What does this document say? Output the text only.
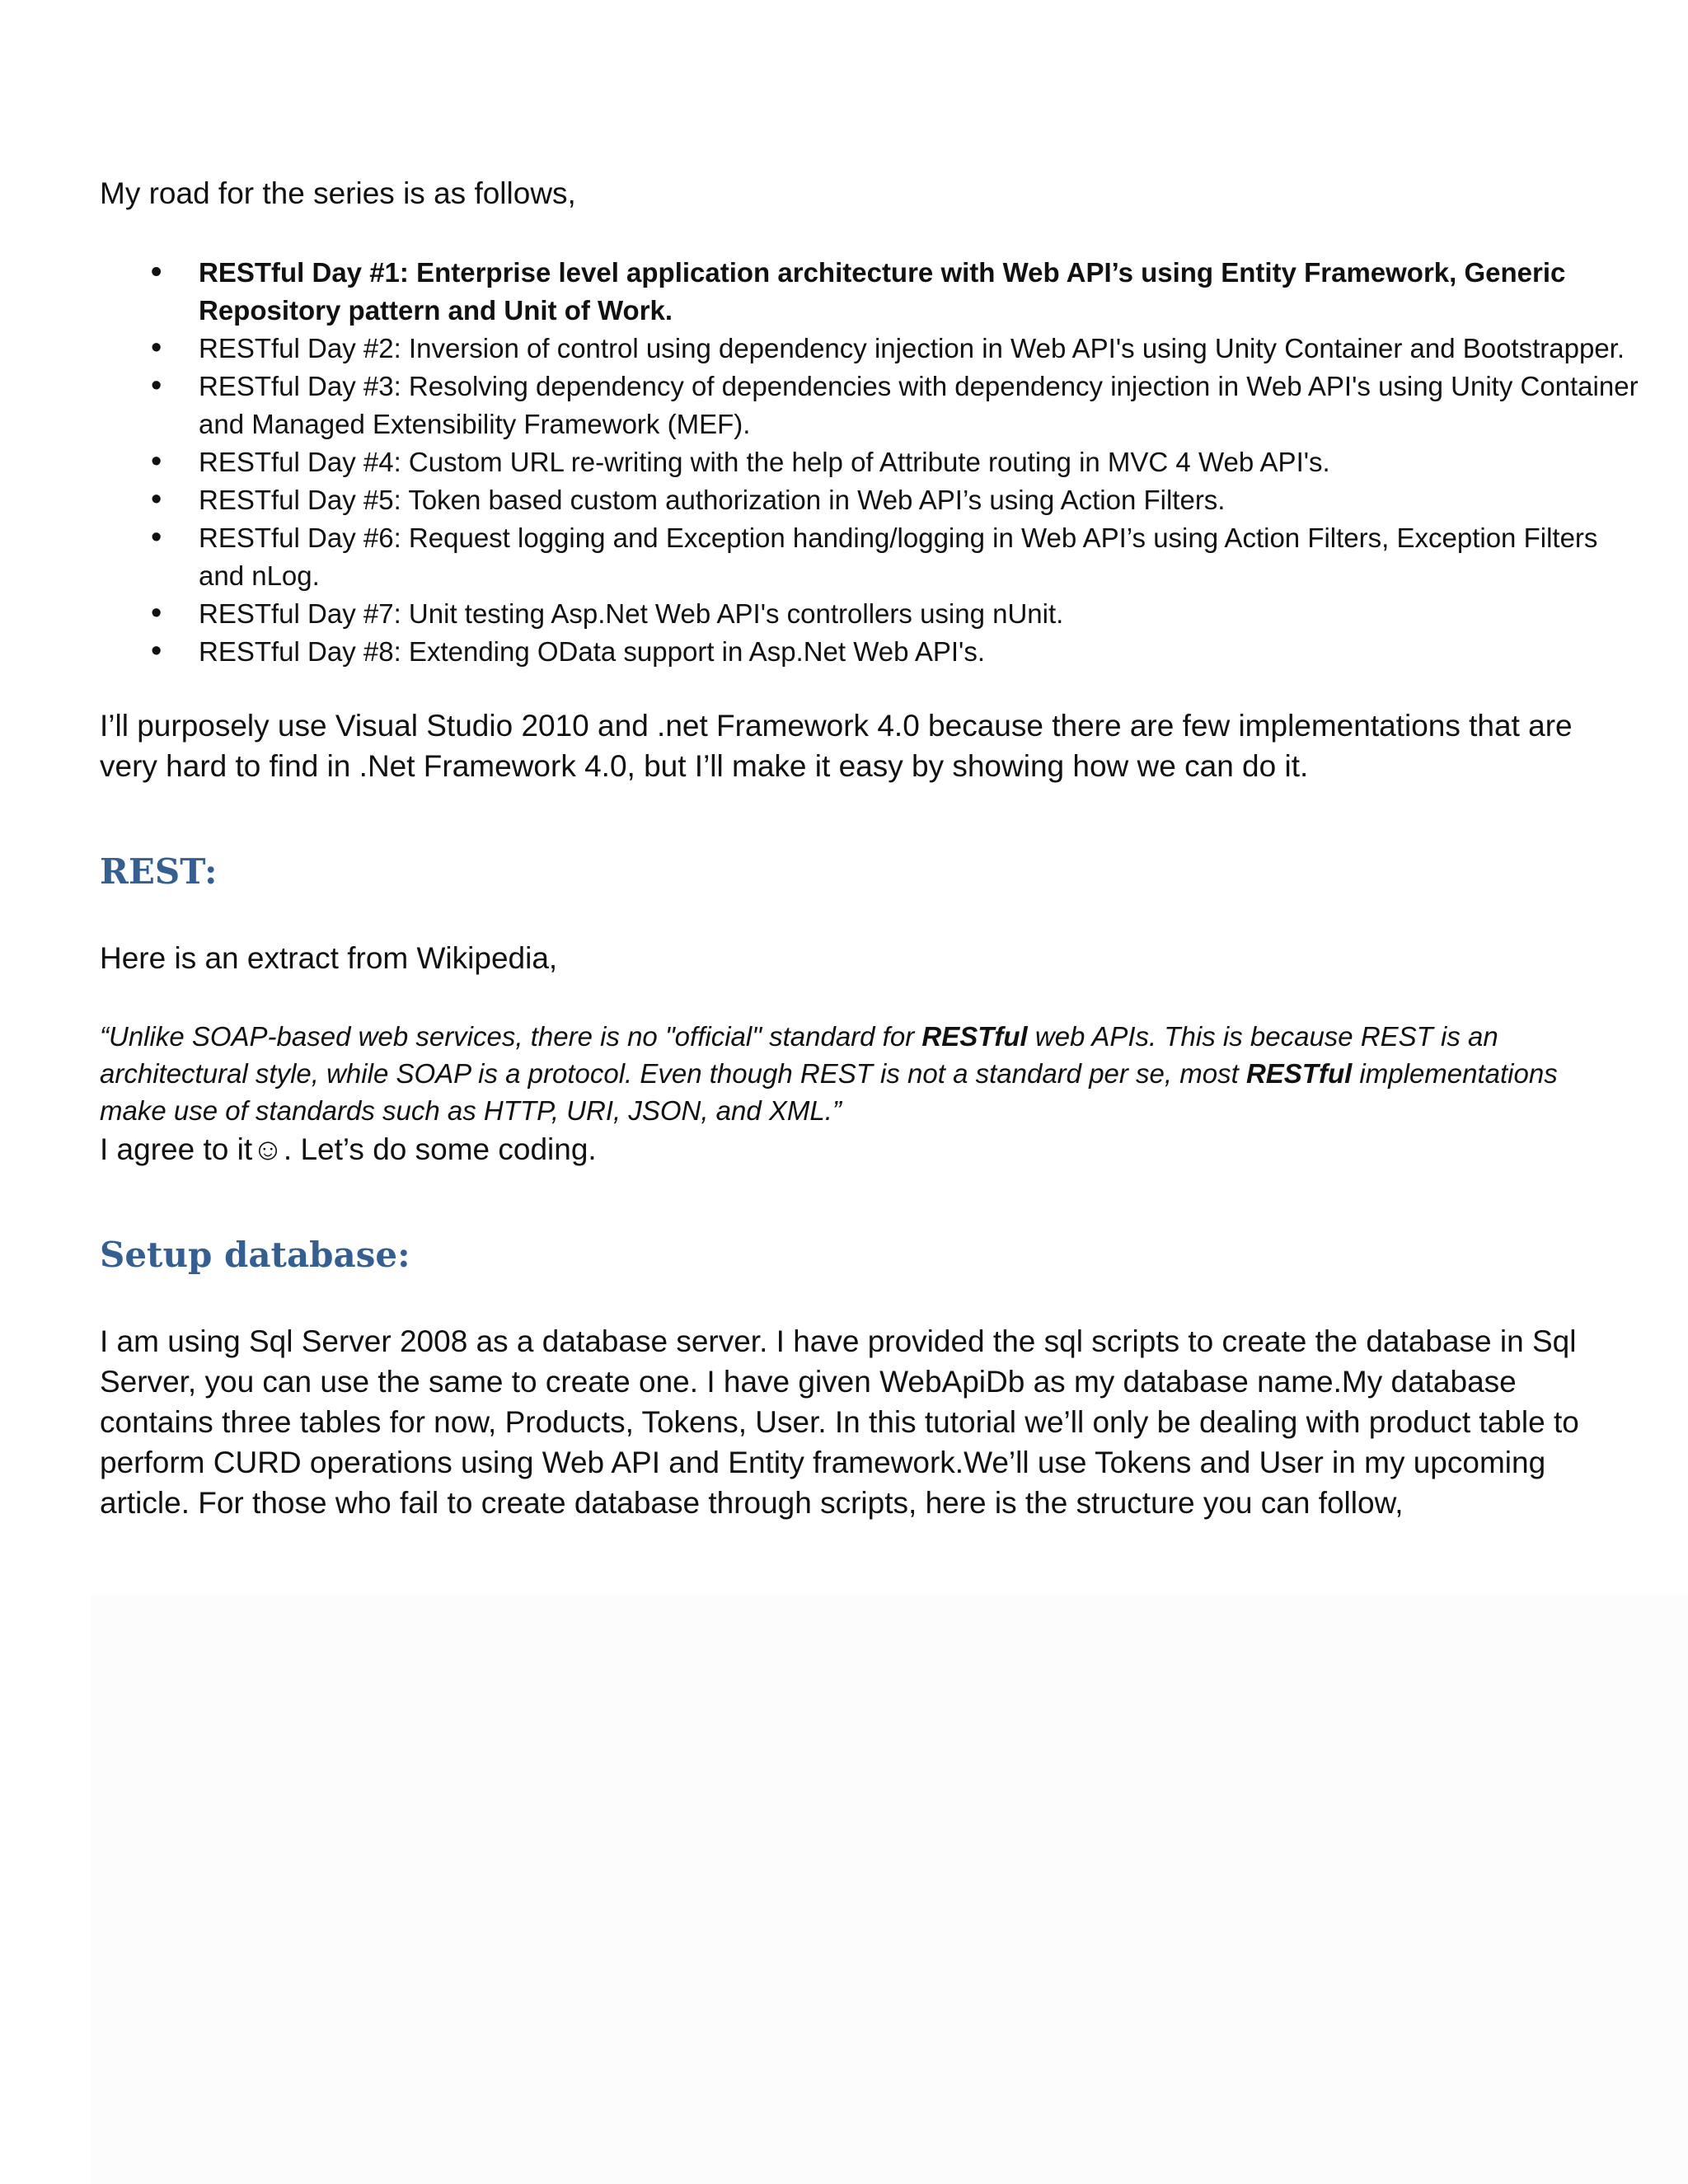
My road for the series is as follows,

• RESTful Day #1: Enterprise level application architecture with Web API’s using Entity Framework, Generic Repository pattern and Unit of Work.
• RESTful Day #2: Inversion of control using dependency injection in Web API's using Unity Container and Bootstrapper.
• RESTful Day #3: Resolving dependency of dependencies with dependency injection in Web API's using Unity Container and Managed Extensibility Framework (MEF).
• RESTful Day #4: Custom URL re-writing with the help of Attribute routing in MVC 4 Web API's.
• RESTful Day #5: Token based custom authorization in Web API’s using Action Filters.
• RESTful Day #6: Request logging and Exception handing/logging in Web API’s using Action Filters, Exception Filters and nLog.
• RESTful Day #7: Unit testing Asp.Net Web API's controllers using nUnit.
• RESTful Day #8: Extending OData support in Asp.Net Web API's.

I’ll purposely use Visual Studio 2010 and .net Framework 4.0 because there are few implementations that are very hard to find in .Net Framework 4.0, but I’ll make it easy by showing how we can do it.

REST:

Here is an extract from Wikipedia,

“Unlike SOAP-based web services, there is no "official" standard for RESTful web APIs. This is because REST is an architectural style, while SOAP is a protocol. Even though REST is not a standard per se, most RESTful implementations make use of standards such as HTTP, URI, JSON, and XML.”

I agree to it☺. Let’s do some coding.

Setup database:

I am using Sql Server 2008 as a database server. I have provided the sql scripts to create the database in Sql Server, you can use the same to create one. I have given WebApiDb as my database name.My database contains three tables for now, Products, Tokens, User. In this tutorial we’ll only be dealing with product table to perform CURD operations using Web API and Entity framework.We’ll use Tokens and User in my upcoming article. For those who fail to create database through scripts, here is the structure you can follow,
